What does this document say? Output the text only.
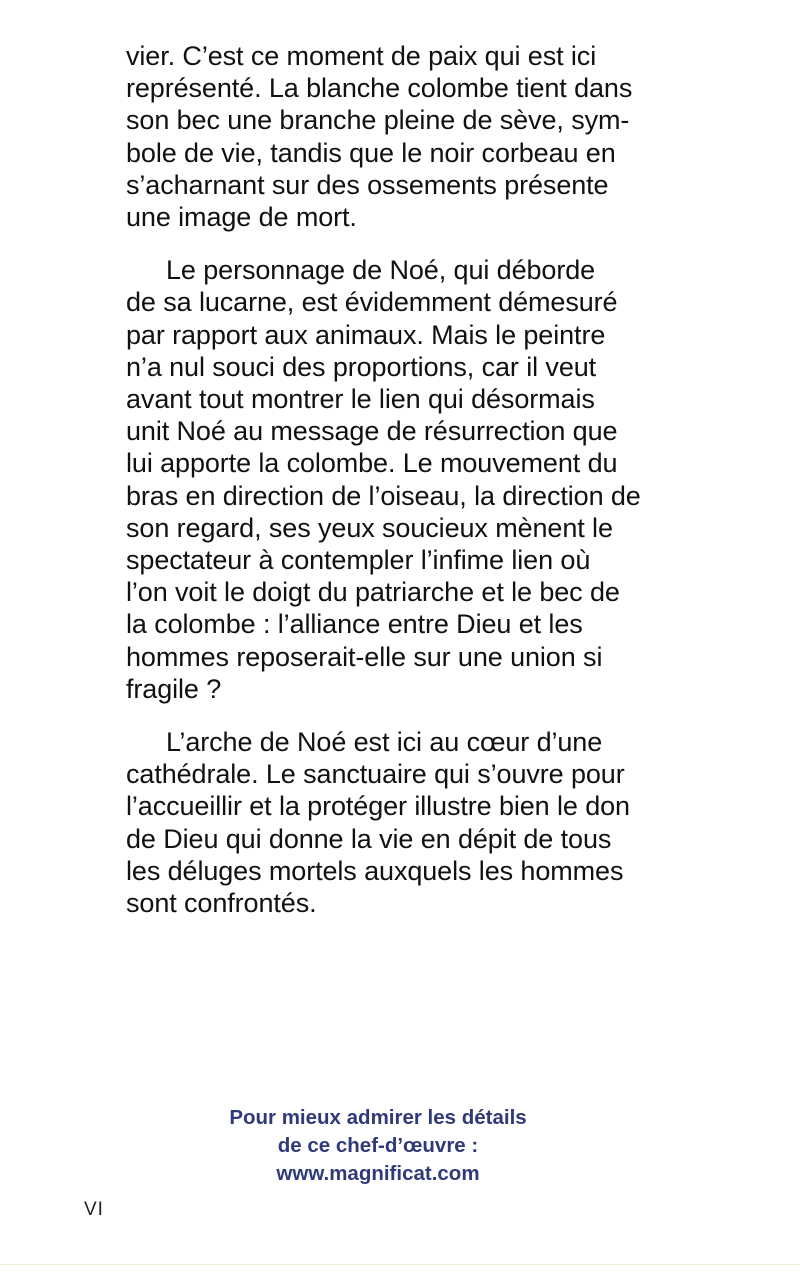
vier. C’est ce moment de paix qui est ici
représenté. La blanche colombe tient dans
son bec une branche pleine de sève, sym-
bole de vie, tandis que le noir corbeau en
s’acharnant sur des ossements présente
une image de mort.
Le personnage de Noé, qui déborde
de sa lucarne, est évidemment démesuré
par rapport aux animaux. Mais le peintre
n’a nul souci des proportions, car il veut
avant tout montrer le lien qui désormais
unit Noé au message de résurrection que
lui apporte la colombe. Le mouvement du
bras en direction de l’oiseau, la direction de
son regard, ses yeux soucieux mènent le
spectateur à contempler l’infime lien où
l’on voit le doigt du patriarche et le bec de
la colombe : l’alliance entre Dieu et les
hommes reposerait-elle sur une union si
fragile ?
L’arche de Noé est ici au cœur d’une
cathédrale. Le sanctuaire qui s’ouvre pour
l’accueillir et la protéger illustre bien le don
de Dieu qui donne la vie en dépit de tous
les déluges mortels auxquels les hommes
sont confrontés.
Pour mieux admirer les détails
de ce chef-d’œuvre :
www.magnificat.com
VI
